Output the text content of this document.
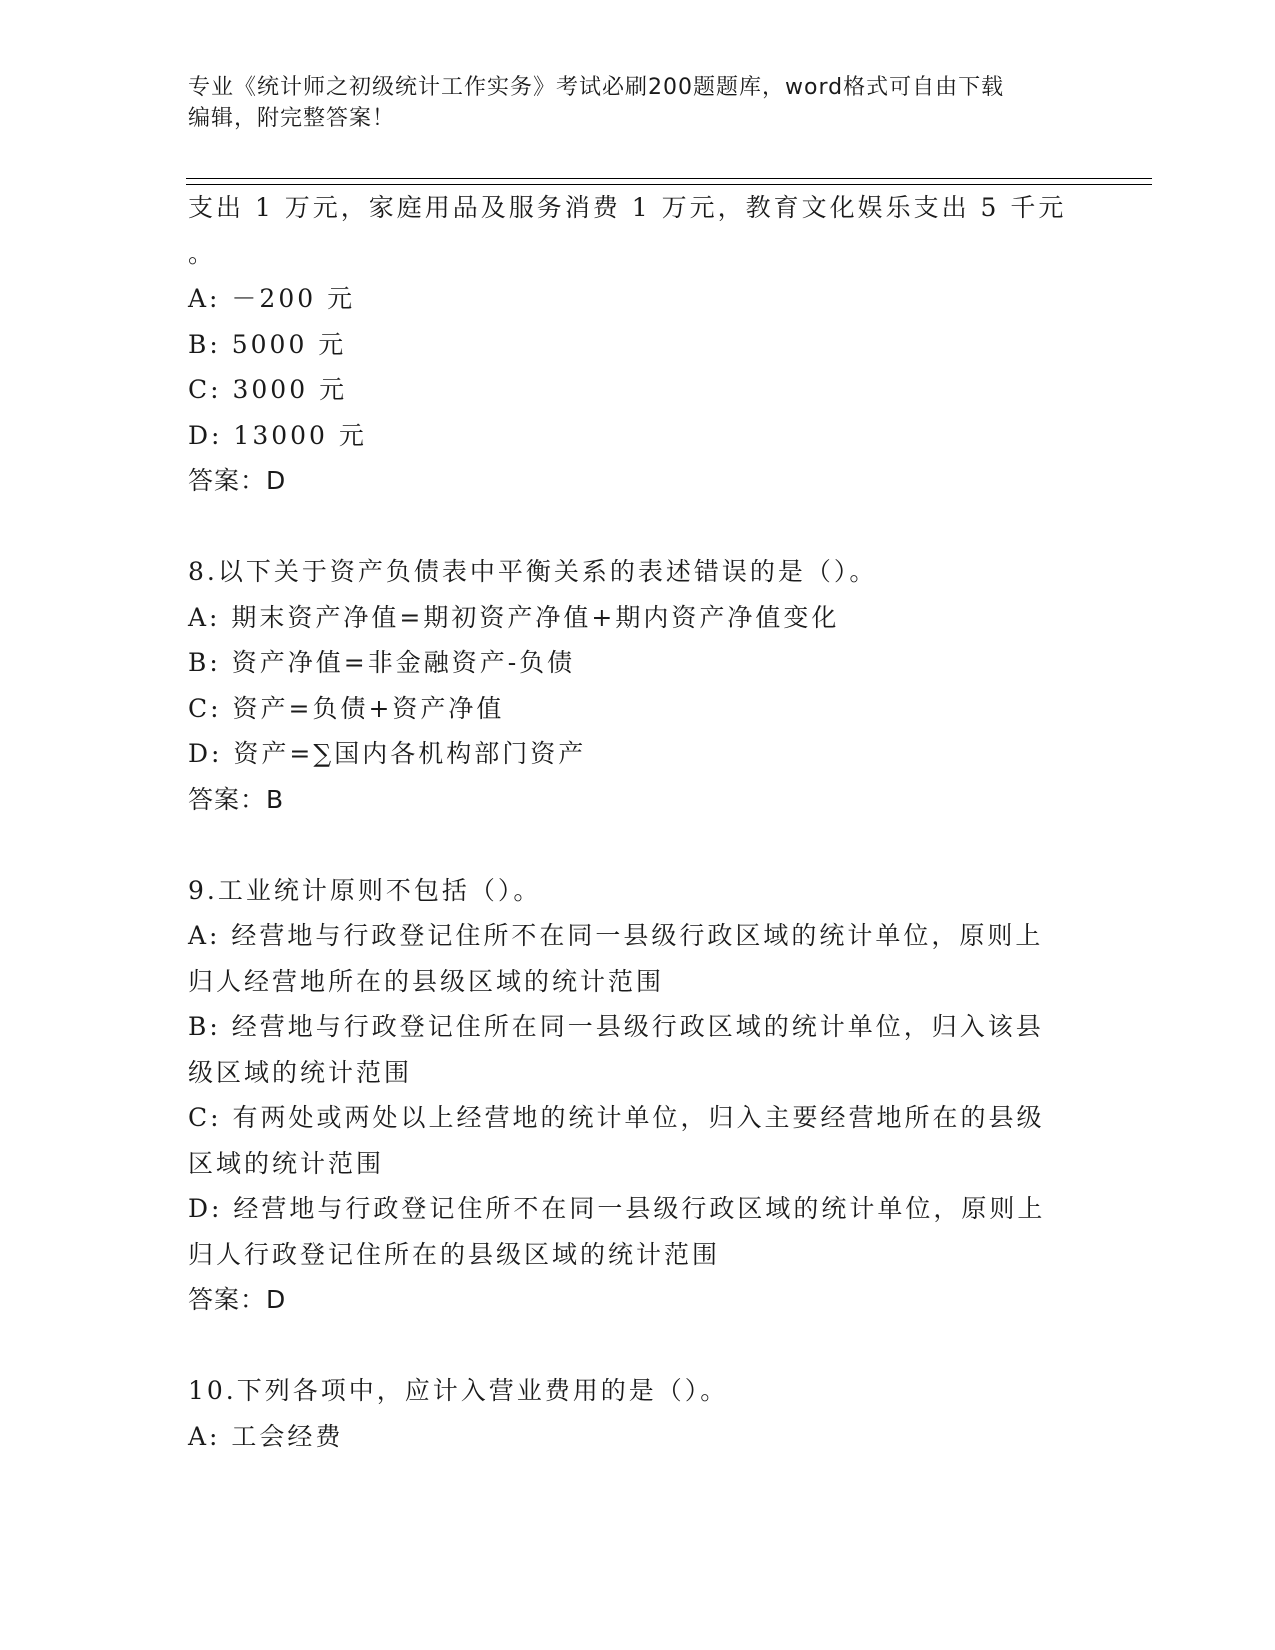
专业《统计师之初级统计工作实务》考试必刷200题题库，word格式可自由下载
编辑，附完整答案！
支出 1 万元，家庭用品及服务消费 1 万元，教育文化娱乐支出 5 千元
。
A: －200 元
B: 5000 元
C: 3000 元
D: 13000 元
答案：D
8.以下关于资产负债表中平衡关系的表述错误的是（）。
A: 期末资产净值=期初资产净值+期内资产净值变化
B: 资产净值=非金融资产-负债
C: 资产=负债+资产净值
D: 资产=∑国内各机构部门资产
答案：B
9.工业统计原则不包括（）。
A: 经营地与行政登记住所不在同一县级行政区域的统计单位，原则上
归人经营地所在的县级区域的统计范围
B: 经营地与行政登记住所在同一县级行政区域的统计单位，归入该县
级区域的统计范围
C: 有两处或两处以上经营地的统计单位，归入主要经营地所在的县级
区域的统计范围
D: 经营地与行政登记住所不在同一县级行政区域的统计单位，原则上
归人行政登记住所在的县级区域的统计范围
答案：D
10.下列各项中，应计入营业费用的是（）。
A: 工会经费
